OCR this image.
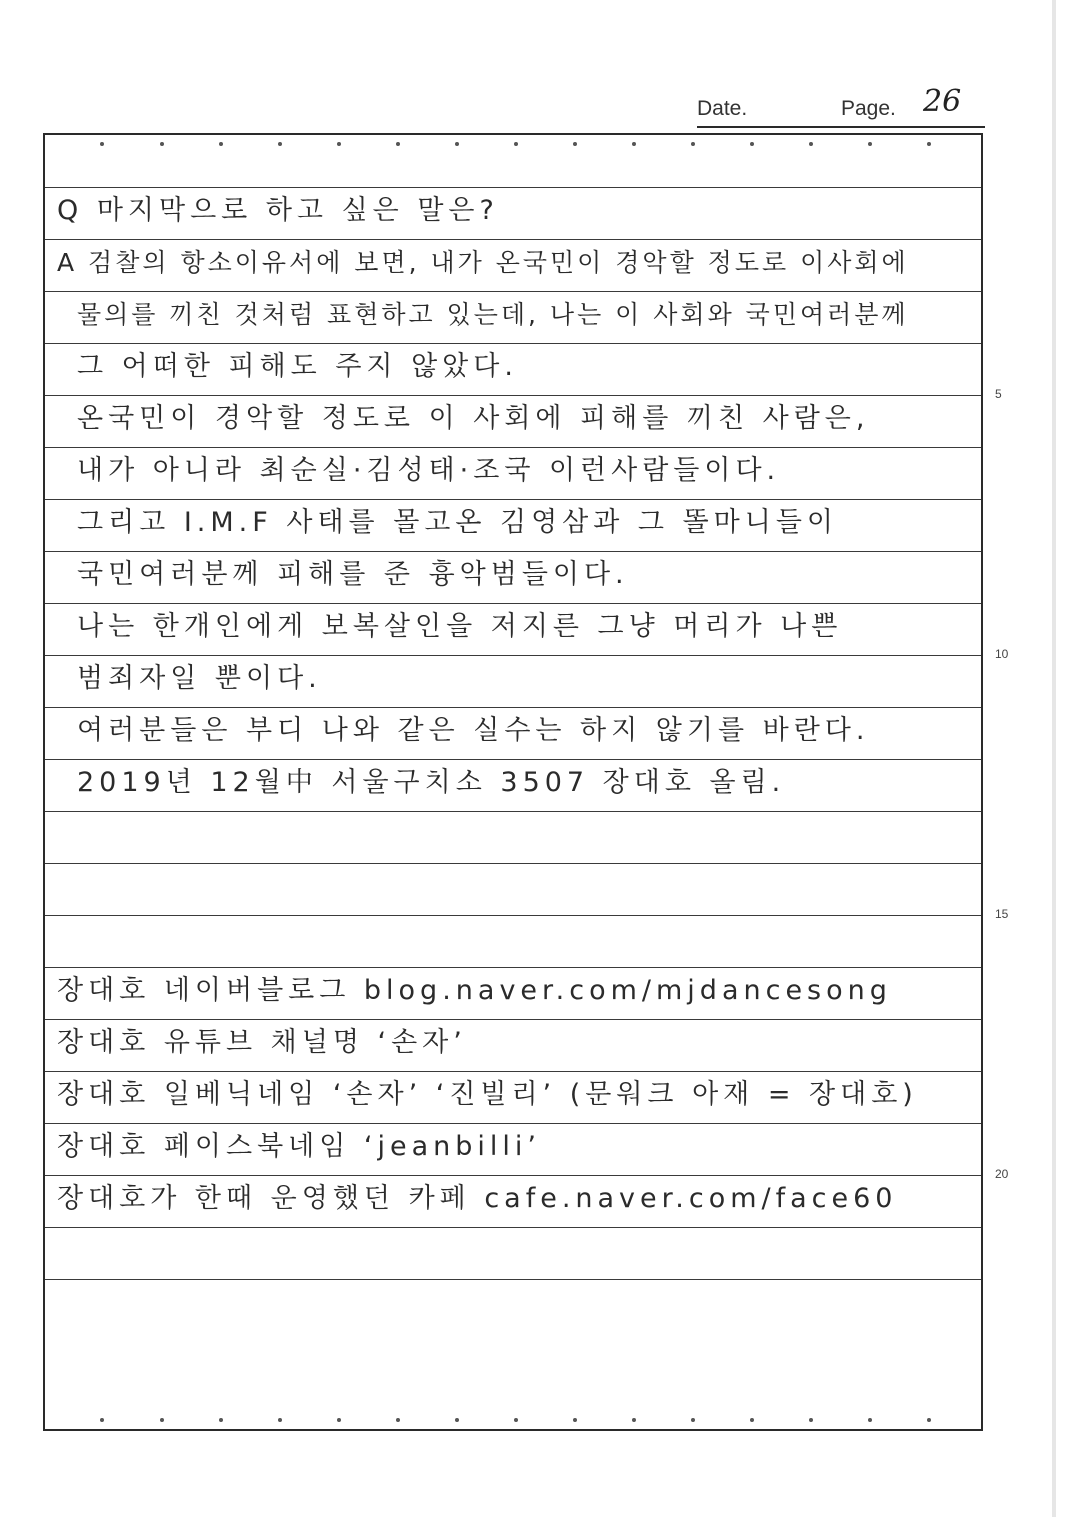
Date.	Page. 26
Q 마지막으로 하고 싶은 말은?
A 검찰의 항소이유서에 보면, 내가 온국민이 경악할 정도로 이사회에
물의를 끼친 것처럼 표현하고 있는데, 나는 이 사회와 국민여러분께
그 어떠한 피해도 주지 않았다.
온국민이 경악할 정도로 이 사회에 피해를 끼친 사람은,
내가 아니라 최순실·김성태·조국 이런사람들이다.
그리고 I.M.F 사태를 몰고온 김영삼과 그 똘마니들이
국민여러분께 피해를 준 흉악범들이다.
나는 한개인에게 보복살인을 저지른 그냥 머리가 나쁜
범죄자일 뿐이다.
여러분들은 부디 나와 같은 실수는 하지 않기를 바란다.
2019년 12월中 서울구치소 3507 장대호 올림.
장대호 네이버블로그 blog.naver.com/mjdancesong
장대호 유튜브 채널명 ‘손자’
장대호 일베닉네임 ‘손자’ ‘진빌리’ (문워크 아재 = 장대호)
장대호 페이스북네임 ‘jeanbilli’
장대호가 한때 운영했던 카페 cafe.naver.com/face60
5
10
15
20
